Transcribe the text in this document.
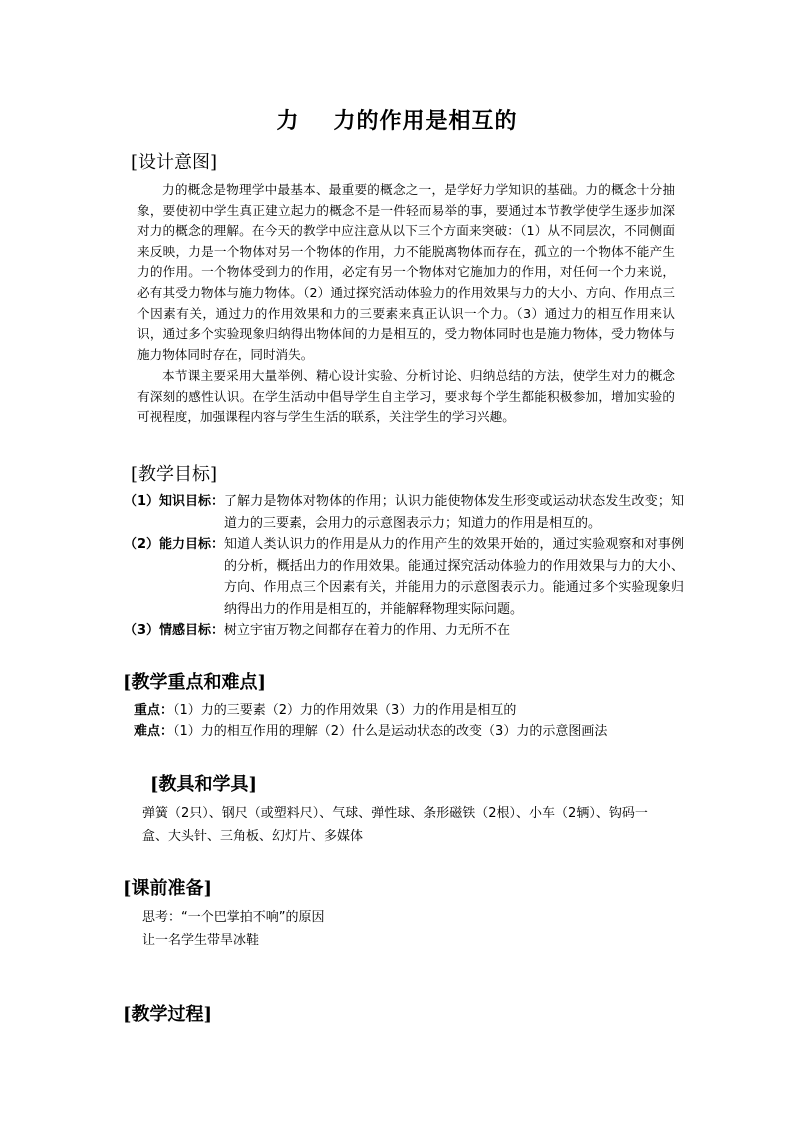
力 力的作用是相互的
[设计意图]

力的概念是物理学中最基本、最重要的概念之一，是学好力学知识的基础。力的概念十分抽象，要使初中学生真正建立起力的概念不是一件轻而易举的事，要通过本节教学使学生逐步加深对力的概念的理解。在今天的教学中应注意从以下三个方面来突破：（1）从不同层次，不同侧面来反映，力是一个物体对另一个物体的作用，力不能脱离物体而存在，孤立的一个物体不能产生力的作用。一个物体受到力的作用，必定有另一个物体对它施加力的作用，对任何一个力来说，必有其受力物体与施力物体。（2）通过探究活动体验力的作用效果与力的大小、方向、作用点三个因素有关，通过力的作用效果和力的三要素来真正认识一个力。（3）通过力的相互作用来认识，通过多个实验现象归纳得出物体间的力是相互的，受力物体同时也是施力物体，受力物体与施力物体同时存在，同时消失。

本节课主要采用大量举例、精心设计实验、分析讨论、归纳总结的方法，使学生对力的概念有深刻的感性认识。在学生活动中倡导学生自主学习，要求每个学生都能积极参加，增加实验的可视程度，加强课程内容与学生生活的联系，关注学生的学习兴趣。

[教学目标]
（1）知识目标： 了解力是物体对物体的作用；认识力能使物体发生形变或运动状态发生改变；知道力的三要素，会用力的示意图表示力；知道力的作用是相互的。
（2）能力目标： 知道人类认识力的作用是从力的作用产生的效果开始的，通过实验观察和对事例的分析，概括出力的作用效果。能通过探究活动体验力的作用效果与力的大小、方向、作用点三个因素有关，并能用力的示意图表示力。能通过多个实验现象归纳得出力的作用是相互的，并能解释物理实际问题。
（3）情感目标： 树立宇宙万物之间都存在着力的作用、力无所不在
[教学重点和难点]
重点：（1）力的三要素（2）力的作用效果（3）力的作用是相互的
难点：（1）力的相互作用的理解（2）什么是运动状态的改变（3）力的示意图画法
[教具和学具]
弹簧（2只）、钢尺（或塑料尺）、气球、弹性球、条形磁铁（2根）、小车（2辆）、钩码一盒、大头针、三角板、幻灯片、多媒体
[课前准备]
思考：“一个巴掌拍不响”的原因
让一名学生带旱冰鞋
[教学过程]
